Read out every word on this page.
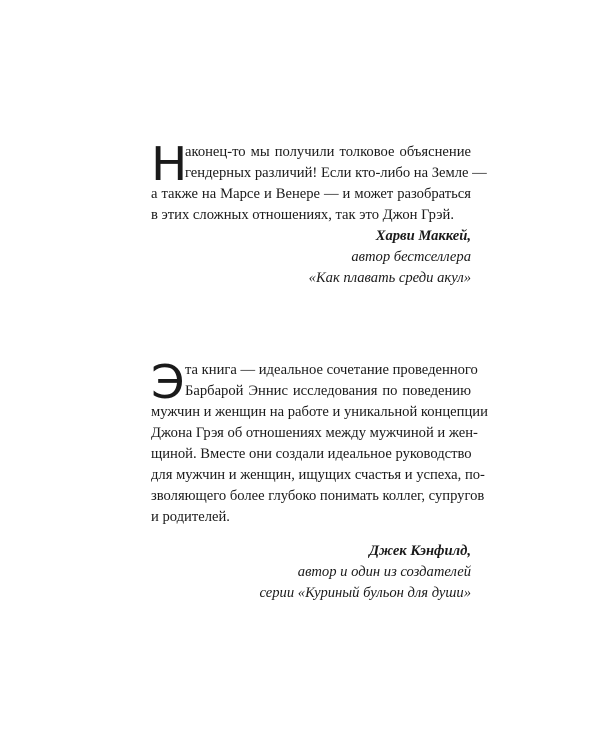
Н
аконец-то мы получили толковое объяснение
гендерных различий! Если кто-либо на Земле —
а также на Марсе и Венере — и может разобраться
в этих сложных отношениях, так это Джон Грэй.
Харви Маккей,
автор бестселлера
«Как плавать среди акул»
Э та книга — идеальное сочетание проведенного
Барбарой Эннис исследования по поведению
мужчин и женщин на работе и уникальной концепции
Джона Грэя об отношениях между мужчиной и жен-
щиной. Вместе они создали идеальное руководство
для мужчин и женщин, ищущих счастья и успеха, по-
зволяющего более глубоко понимать коллег, супругов
и родителей.
Джек Кэнфилд,
автор и один из создателей
серии «Куриный бульон для души»
